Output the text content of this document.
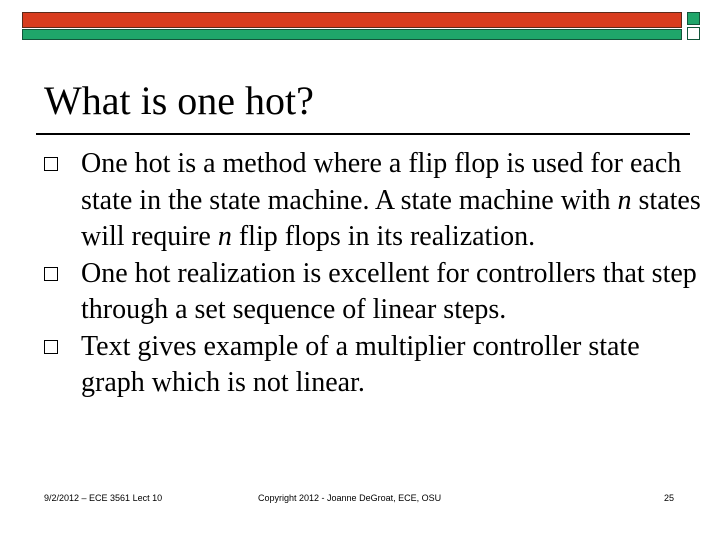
What is one hot?
One hot is a method where a flip flop is used for each state in the state machine. A state machine with n states will require n flip flops in its realization.
One hot realization is excellent for controllers that step through a set sequence of linear steps.
Text gives example of a multiplier controller state graph which is not linear.
9/2/2012 – ECE 3561 Lect 10	Copyright 2012 - Joanne DeGroat, ECE, OSU	25
